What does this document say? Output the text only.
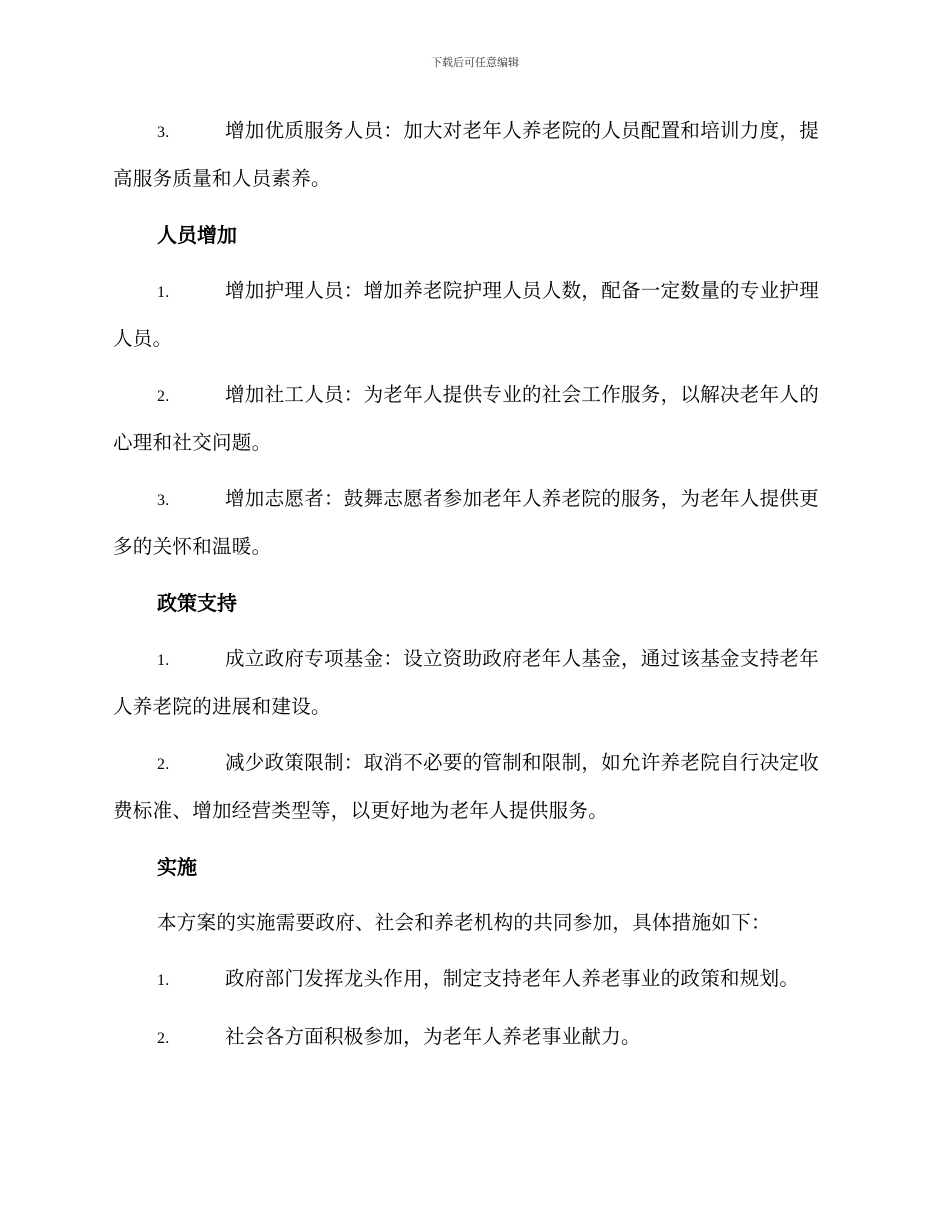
下载后可任意编辑
3.	增加优质服务人员：加大对老年人养老院的人员配置和培训力度，提高服务质量和人员素养。
人员增加
1.	增加护理人员：增加养老院护理人员人数，配备一定数量的专业护理人员。
2.	增加社工人员：为老年人提供专业的社会工作服务，以解决老年人的心理和社交问题。
3.	增加志愿者：鼓舞志愿者参加老年人养老院的服务，为老年人提供更多的关怀和温暖。
政策支持
1.	成立政府专项基金：设立资助政府老年人基金，通过该基金支持老年人养老院的进展和建设。
2.	减少政策限制：取消不必要的管制和限制，如允许养老院自行决定收费标准、增加经营类型等，以更好地为老年人提供服务。
实施
本方案的实施需要政府、社会和养老机构的共同参加，具体措施如下：
1.	政府部门发挥龙头作用，制定支持老年人养老事业的政策和规划。
2.	社会各方面积极参加，为老年人养老事业献力。
